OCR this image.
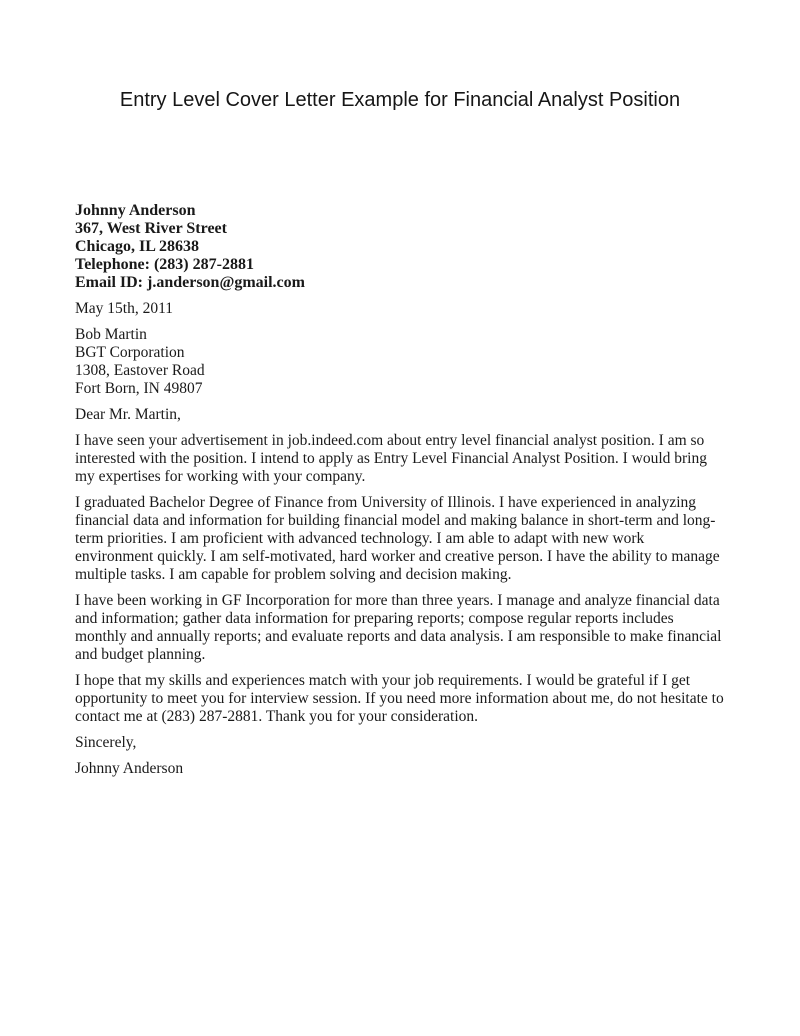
Entry Level Cover Letter Example for Financial Analyst Position
Johnny Anderson
367, West River Street
Chicago, IL 28638
Telephone: (283) 287-2881
Email ID: j.anderson@gmail.com
May 15th, 2011
Bob Martin
BGT Corporation
1308, Eastover Road
Fort Born, IN 49807
Dear Mr. Martin,

I have seen your advertisement in job.indeed.com about entry level financial analyst position. I am so interested with the position. I intend to apply as Entry Level Financial Analyst Position. I would bring my expertises for working with your company.

I graduated Bachelor Degree of Finance from University of Illinois. I have experienced in analyzing financial data and information for building financial model and making balance in short-term and long-term priorities. I am proficient with advanced technology. I am able to adapt with new work environment quickly. I am self-motivated, hard worker and creative person. I have the ability to manage multiple tasks. I am capable for problem solving and decision making.

I have been working in GF Incorporation for more than three years. I manage and analyze financial data and information; gather data information for preparing reports; compose regular reports includes monthly and annually reports; and evaluate reports and data analysis. I am responsible to make financial and budget planning.

I hope that my skills and experiences match with your job requirements. I would be grateful if I get opportunity to meet you for interview session. If you need more information about me, do not hesitate to contact me at (283) 287-2881. Thank you for your consideration.

Sincerely,
Johnny Anderson
